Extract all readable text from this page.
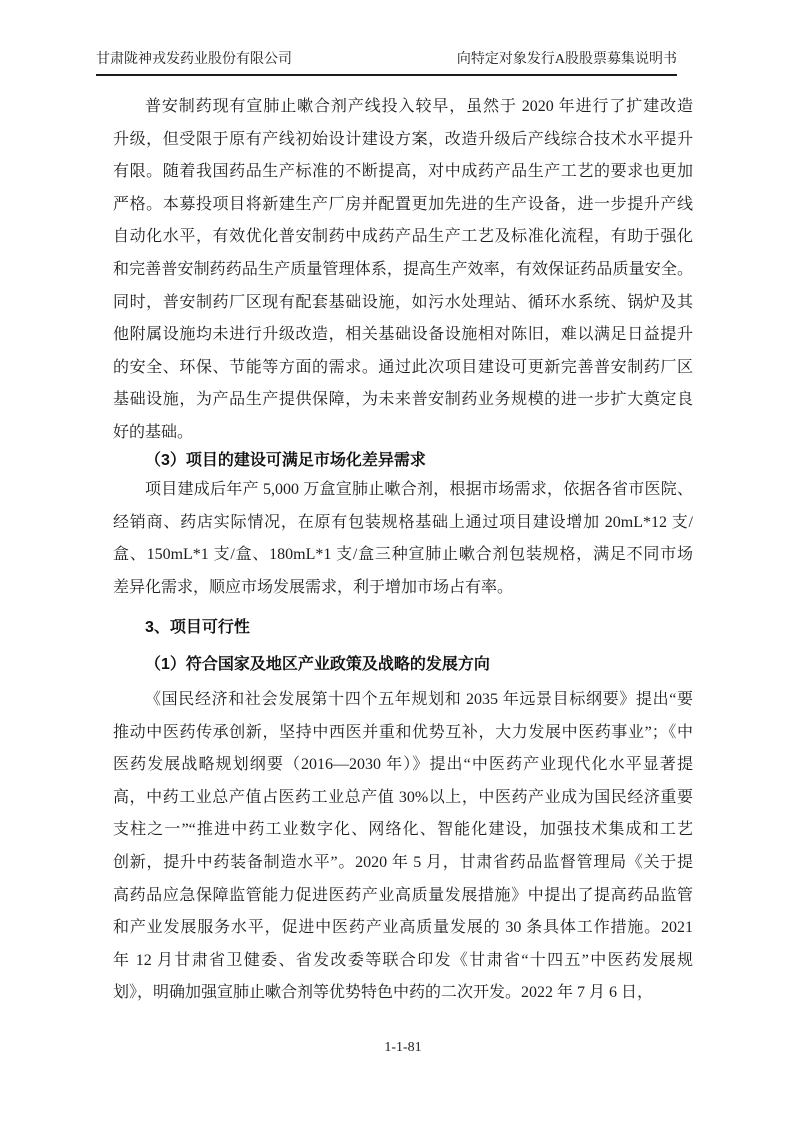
甘肃陇神戎发药业股份有限公司	向特定对象发行A股股票募集说明书
普安制药现有宣肺止嗽合剂产线投入较早，虽然于 2020 年进行了扩建改造
升级，但受限于原有产线初始设计建设方案，改造升级后产线综合技术水平提升
有限。随着我国药品生产标准的不断提高，对中成药产品生产工艺的要求也更加
严格。本募投项目将新建生产厂房并配置更加先进的生产设备，进一步提升产线
自动化水平，有效优化普安制药中成药产品生产工艺及标准化流程，有助于强化
和完善普安制药药品生产质量管理体系，提高生产效率，有效保证药品质量安全。
同时，普安制药厂区现有配套基础设施，如污水处理站、循环水系统、锅炉及其
他附属设施均未进行升级改造，相关基础设备设施相对陈旧，难以满足日益提升
的安全、环保、节能等方面的需求。通过此次项目建设可更新完善普安制药厂区
基础设施，为产品生产提供保障，为未来普安制药业务规模的进一步扩大奠定良
好的基础。
（3）项目的建设可满足市场化差异需求
项目建成后年产 5,000 万盒宣肺止嗽合剂，根据市场需求，依据各省市医院、
经销商、药店实际情况，在原有包装规格基础上通过项目建设增加 20mL*12 支/
盒、150mL*1 支/盒、180mL*1 支/盒三种宣肺止嗽合剂包装规格，满足不同市场
差异化需求，顺应市场发展需求，利于增加市场占有率。
3、项目可行性
（1）符合国家及地区产业政策及战略的发展方向
《国民经济和社会发展第十四个五年规划和 2035 年远景目标纲要》提出“要
推动中医药传承创新，坚持中西医并重和优势互补，大力发展中医药事业”；《中
医药发展战略规划纲要（2016—2030 年）》提出“中医药产业现代化水平显著提
高，中药工业总产值占医药工业总产值 30%以上，中医药产业成为国民经济重要
支柱之一”“推进中药工业数字化、网络化、智能化建设，加强技术集成和工艺
创新，提升中药装备制造水平”。2020 年 5 月，甘肃省药品监督管理局《关于提
高药品应急保障监管能力促进医药产业高质量发展措施》中提出了提高药品监管
和产业发展服务水平，促进中医药产业高质量发展的 30 条具体工作措施。2021
年 12 月甘肃省卫健委、省发改委等联合印发《甘肃省“十四五”中医药发展规
划》，明确加强宣肺止嗽合剂等优势特色中药的二次开发。2022 年 7 月 6 日，
1-1-81
